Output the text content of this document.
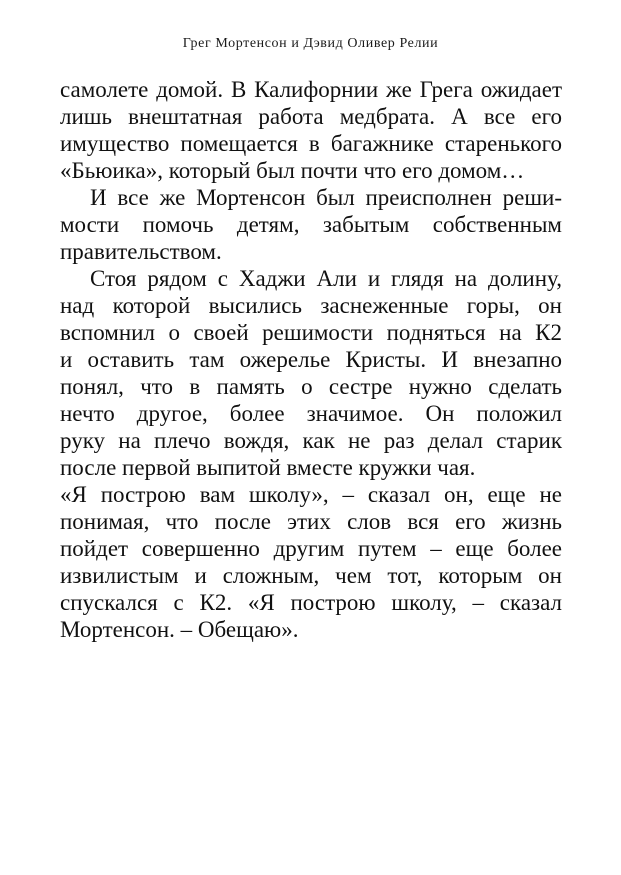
Грег Мортенсон и Дэвид Оливер Релии
самолете домой. В Калифорнии же Грега ожидает
лишь внештатная работа медбрата. А все его
имущество помещается в багажнике старенького
«Бьюика», который был почти что его домом…
И все же Мортенсон был преисполнен реши-
мости помочь детям, забытым собственным
правительством.
Стоя рядом с Хаджи Али и глядя на долину,
над которой высились заснеженные горы, он
вспомнил о своей решимости подняться на К2
и оставить там ожерелье Кристы. И внезапно
понял, что в память о сестре нужно сделать
нечто другое, более значимое. Он положил
руку на плечо вождя, как не раз делал старик
после первой выпитой вместе кружки чая.
«Я построю вам школу», – сказал он, еще не
понимая, что после этих слов вся его жизнь
пойдет совершенно другим путем – еще более
извилистым и сложным, чем тот, которым он
спускался с К2. «Я построю школу, – сказал
Мортенсон. – Обещаю».
